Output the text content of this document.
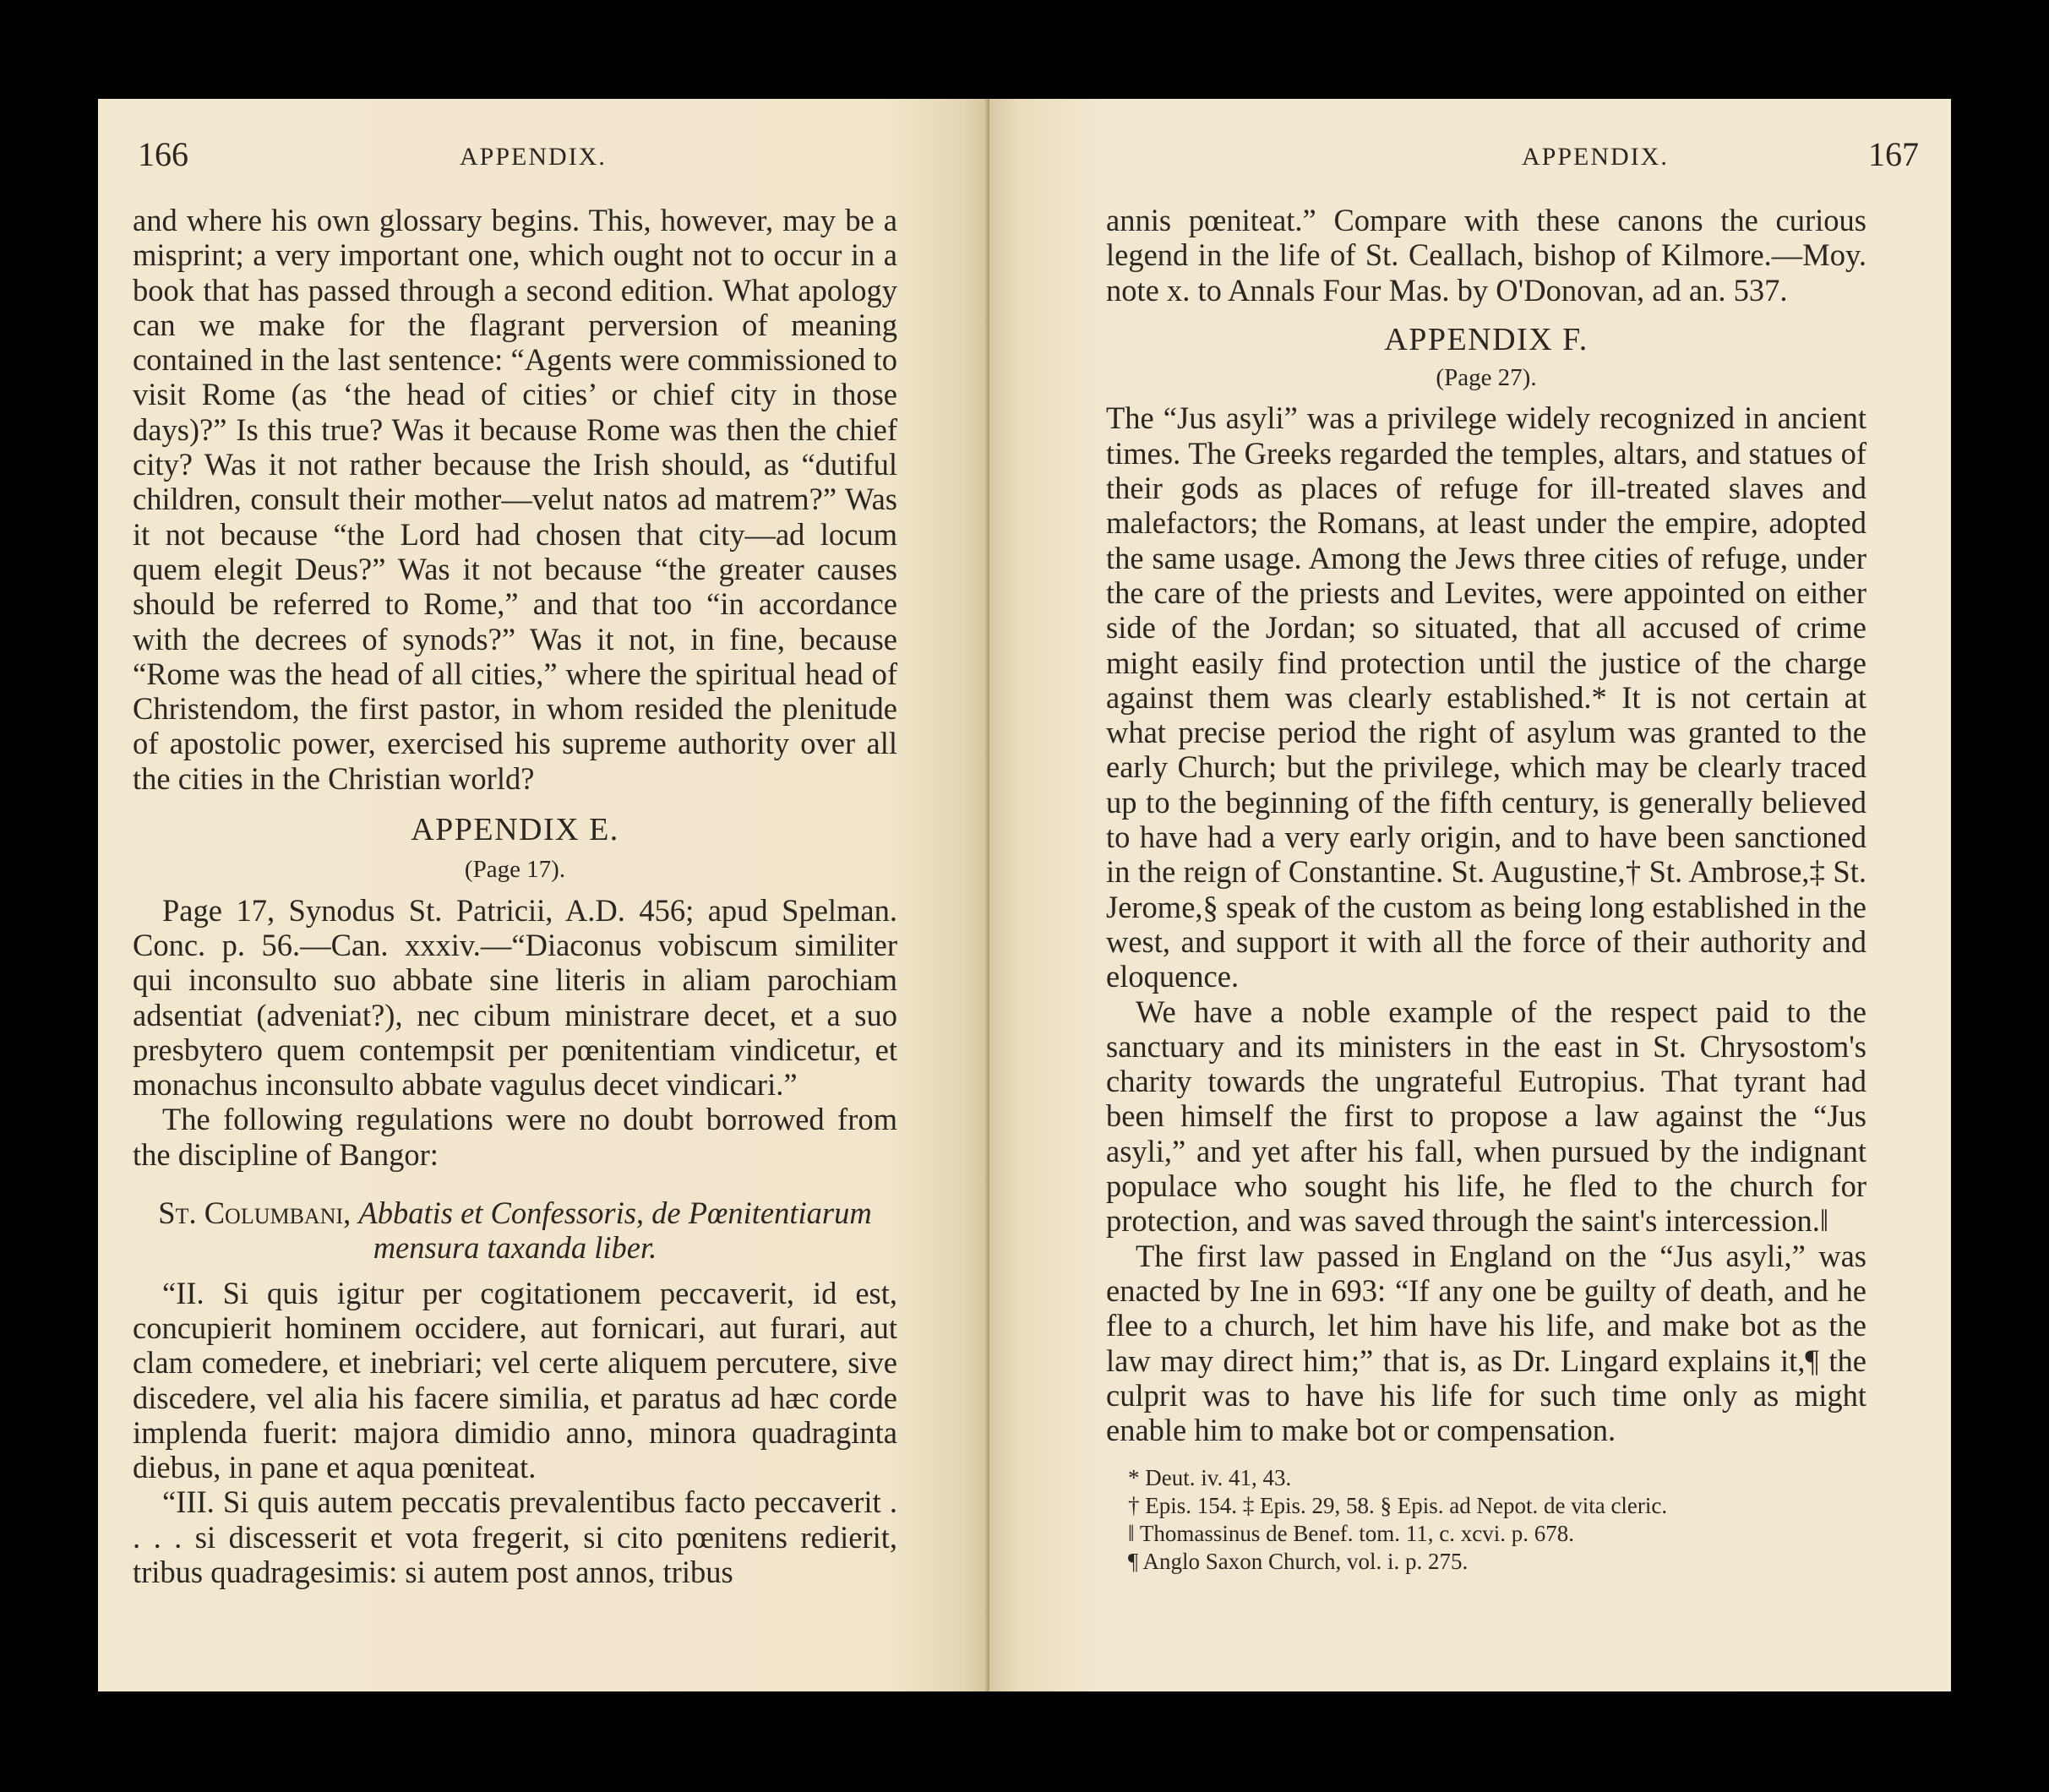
166	APPENDIX.

and where his own glossary begins. This, however, may be a misprint; a very important one, which ought not to occur in a book that has passed through a second edition. What apology can we make for the flagrant perversion of meaning contained in the last sentence: “Agents were commissioned to visit Rome (as ‘the head of cities’ or chief city in those days)?” Is this true? Was it because Rome was then the chief city? Was it not rather because the Irish should, as “dutiful children, consult their mother—velut natos ad matrem?” Was it not because “the Lord had chosen that city—ad locum quem elegit Deus?” Was it not because “the greater causes should be referred to Rome,” and that too “in accordance with the decrees of synods?” Was it not, in fine, because “Rome was the head of all cities,” where the spiritual head of Christendom, the first pastor, in whom resided the plenitude of apostolic power, exercised his supreme authority over all the cities in the Christian world?

APPENDIX E.

(Page 17).

Page 17, Synodus St. Patricii, A.D. 456; apud Spelman. Conc. p. 56.—Can. xxxiv.—“Diaconus vobiscum similiter qui inconsulto suo abbate sine literis in aliam parochiam adsentiat (adveniat?), nec cibum ministrare decet, et a suo presbytero quem contempsit per pœnitentiam vindicetur, et monachus inconsulto abbate vagulus decet vindicari.”

The following regulations were no doubt borrowed from the discipline of Bangor:

St. Columbani, Abbatis et Confessoris, de Pœnitentiarum mensura taxanda liber.

“II. Si quis igitur per cogitationem peccaverit, id est, concupierit hominem occidere, aut fornicari, aut furari, aut clam comedere, et inebriari; vel certe aliquem percutere, sive discedere, vel alia his facere similia, et paratus ad hæc corde implenda fuerit: majora dimidio anno, minora quadraginta diebus, in pane et aqua pœniteat.

“III. Si quis autem peccatis prevalentibus facto peccaverit . . . . si discesserit et vota fregerit, si cito pœnitens redierit, tribus quadragesimis: si autem post annos, tribus

APPENDIX.	167

annis pœniteat.” Compare with these canons the curious legend in the life of St. Ceallach, bishop of Kilmore.—Moy. note x. to Annals Four Mas. by O'Donovan, ad an. 537.

APPENDIX F.

(Page 27).

The “Jus asyli” was a privilege widely recognized in ancient times. The Greeks regarded the temples, altars, and statues of their gods as places of refuge for ill-treated slaves and malefactors; the Romans, at least under the empire, adopted the same usage. Among the Jews three cities of refuge, under the care of the priests and Levites, were appointed on either side of the Jordan; so situated, that all accused of crime might easily find protection until the justice of the charge against them was clearly established.* It is not certain at what precise period the right of asylum was granted to the early Church; but the privilege, which may be clearly traced up to the beginning of the fifth century, is generally believed to have had a very early origin, and to have been sanctioned in the reign of Constantine. St. Augustine,† St. Ambrose,‡ St. Jerome,§ speak of the custom as being long established in the west, and support it with all the force of their authority and eloquence.

We have a noble example of the respect paid to the sanctuary and its ministers in the east in St. Chrysostom's charity towards the ungrateful Eutropius. That tyrant had been himself the first to propose a law against the “Jus asyli,” and yet after his fall, when pursued by the indignant populace who sought his life, he fled to the church for protection, and was saved through the saint's intercession.‖

The first law passed in England on the “Jus asyli,” was enacted by Ine in 693: “If any one be guilty of death, and he flee to a church, let him have his life, and make bot as the law may direct him;” that is, as Dr. Lingard explains it,¶ the culprit was to have his life for such time only as might enable him to make bot or compensation.

* Deut. iv. 41, 43.

† Epis. 154. ‡ Epis. 29, 58. § Epis. ad Nepot. de vita cleric.

‖ Thomassinus de Benef. tom. 11, c. xcvi. p. 678.

¶ Anglo Saxon Church, vol. i. p. 275.
